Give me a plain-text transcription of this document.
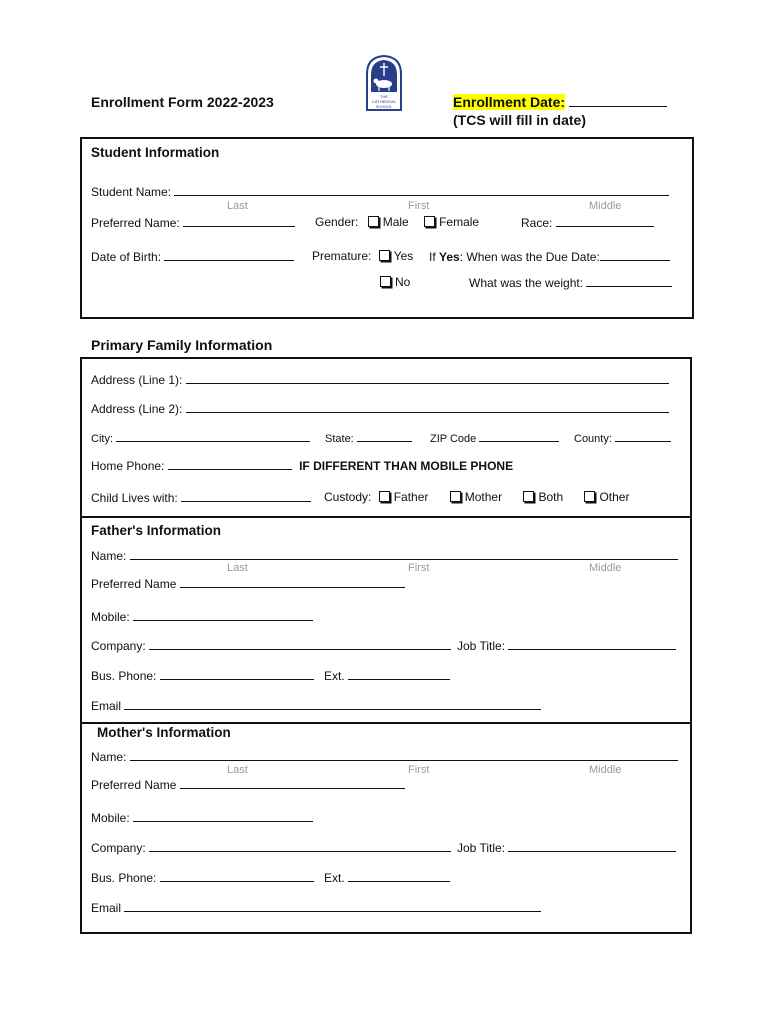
Enrollment Form 2022-2023	THE CATHEDRAL SCHOOL	Enrollment Date:
(TCS will fill in date)
Student Information
Student Name:
Last	First	Middle
Preferred Name:	Gender: Male	Female	Race:
Date of Birth:	Premature: Yes If Yes: When was the Due Date:
No	What was the weight:
Primary Family Information
Address (Line 1):
Address (Line 2):
City:	State:	ZIP Code	County:
Home Phone:	IF DIFFERENT THAN MOBILE PHONE
Child Lives with:	Custody: Father	Mother	Both	Other
Father's Information
Name:
Last	First	Middle
Preferred Name
Mobile:
Company:	Job Title:
Bus. Phone:	Ext.
Email
Mother's Information
Name:
Last	First	Middle
Preferred Name
Mobile:
Company:	Job Title:
Bus. Phone:	Ext.
Email
